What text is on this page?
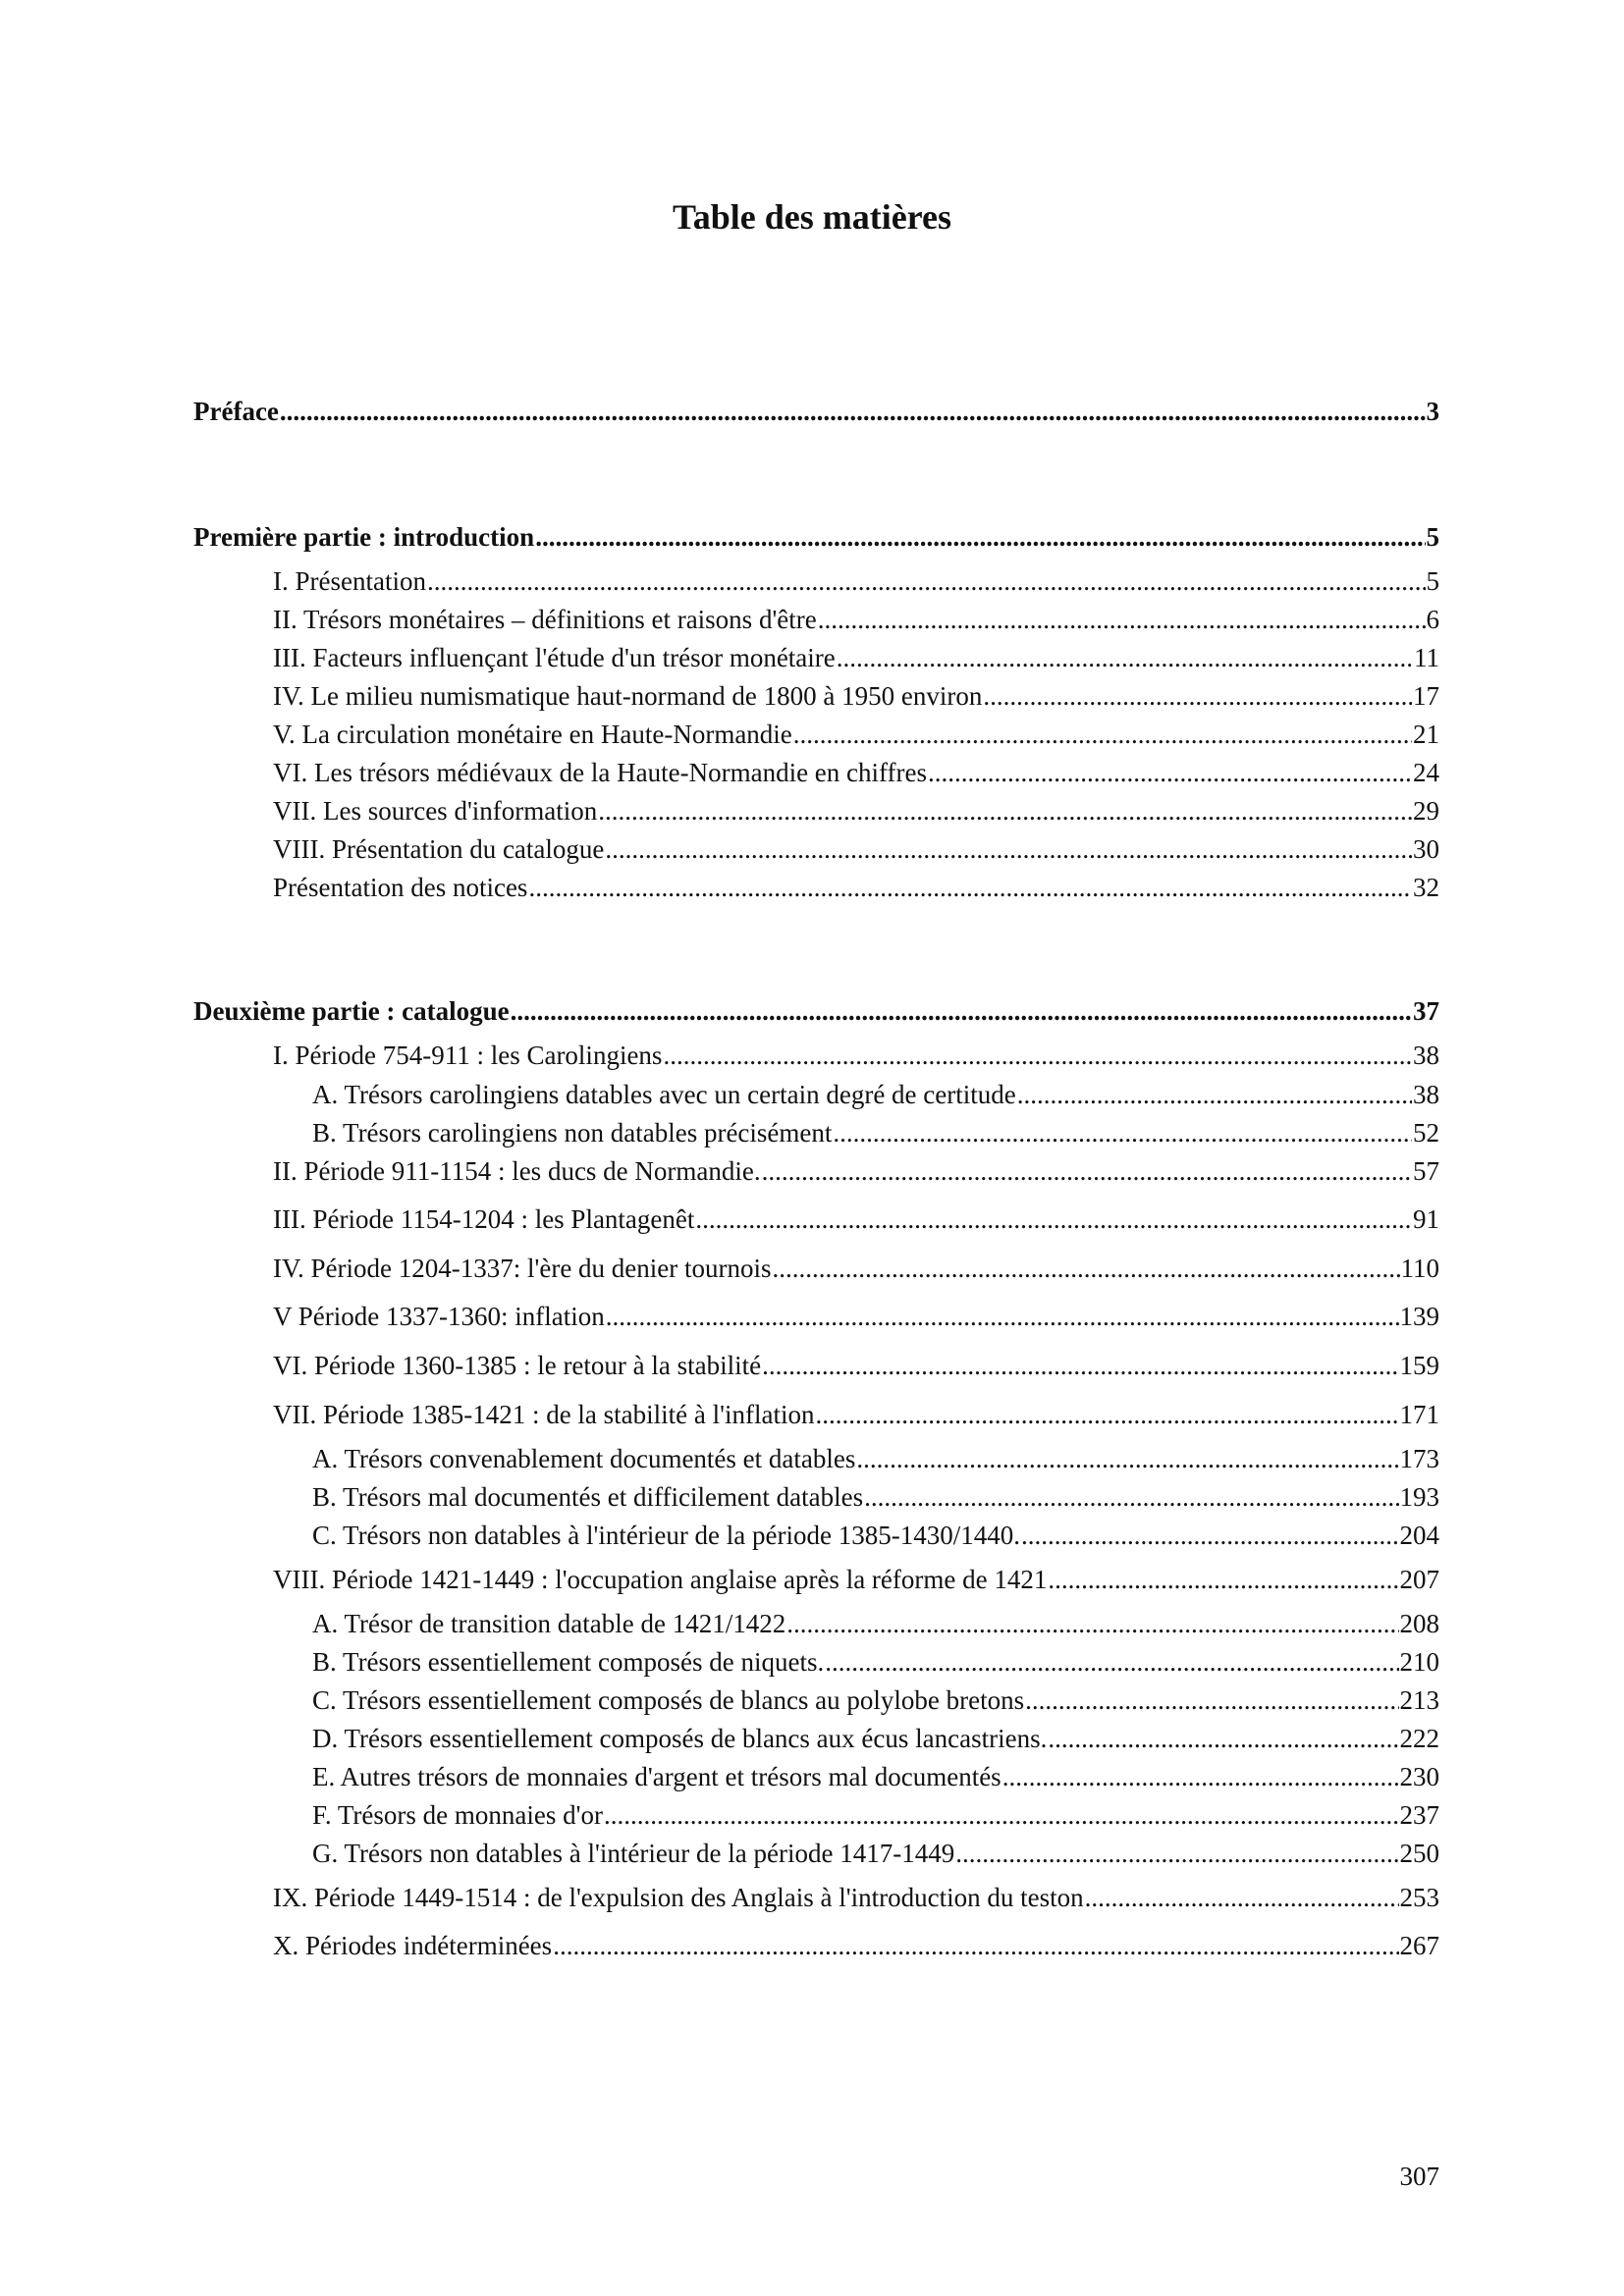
Table des matières
Préface .....	3
Première partie : introduction .....	5
I. Présentation .....	5
II. Trésors monétaires – définitions et raisons d'être .....	6
III. Facteurs influençant l'étude d'un trésor monétaire .....	11
IV. Le milieu numismatique haut-normand de 1800 à 1950 environ .....	17
V. La circulation monétaire en Haute-Normandie .....	21
VI. Les trésors médiévaux de la Haute-Normandie en chiffres .....	24
VII. Les sources d'information .....	29
VIII. Présentation du catalogue .....	30
Présentation des notices .....	32
Deuxième partie : catalogue .....	37
I. Période 754-911 : les Carolingiens .....	38
A. Trésors carolingiens datables avec un certain degré de certitude .....	38
B. Trésors carolingiens non datables précisément .....	52
II. Période 911-1154 : les ducs de Normandie. .....	57
III. Période 1154-1204 : les Plantagenêt .....	91
IV. Période 1204-1337: l'ère du denier tournois .....	110
V Période 1337-1360: inflation .....	139
VI. Période 1360-1385 : le retour à la stabilité .....	159
VII. Période 1385-1421 : de la stabilité à l'inflation .....	171
A. Trésors convenablement documentés et datables .....	173
B. Trésors mal documentés et difficilement datables .....	193
C. Trésors non datables à l'intérieur de la période 1385-1430/1440. .....	204
VIII. Période 1421-1449 : l'occupation anglaise après la réforme de 1421 .....	207
A. Trésor de transition datable de 1421/1422 .....	208
B. Trésors essentiellement composés de niquets. .....	210
C. Trésors essentiellement composés de blancs au polylobe bretons .....	213
D. Trésors essentiellement composés de blancs aux écus lancastriens. .....	222
E. Autres trésors de monnaies d'argent et trésors mal documentés .....	230
F. Trésors de monnaies d'or .....	237
G. Trésors non datables à l'intérieur de la période 1417-1449 .....	250
IX. Période 1449-1514 : de l'expulsion des Anglais à l'introduction du teston .....	253
X. Périodes indéterminées .....	267
307
